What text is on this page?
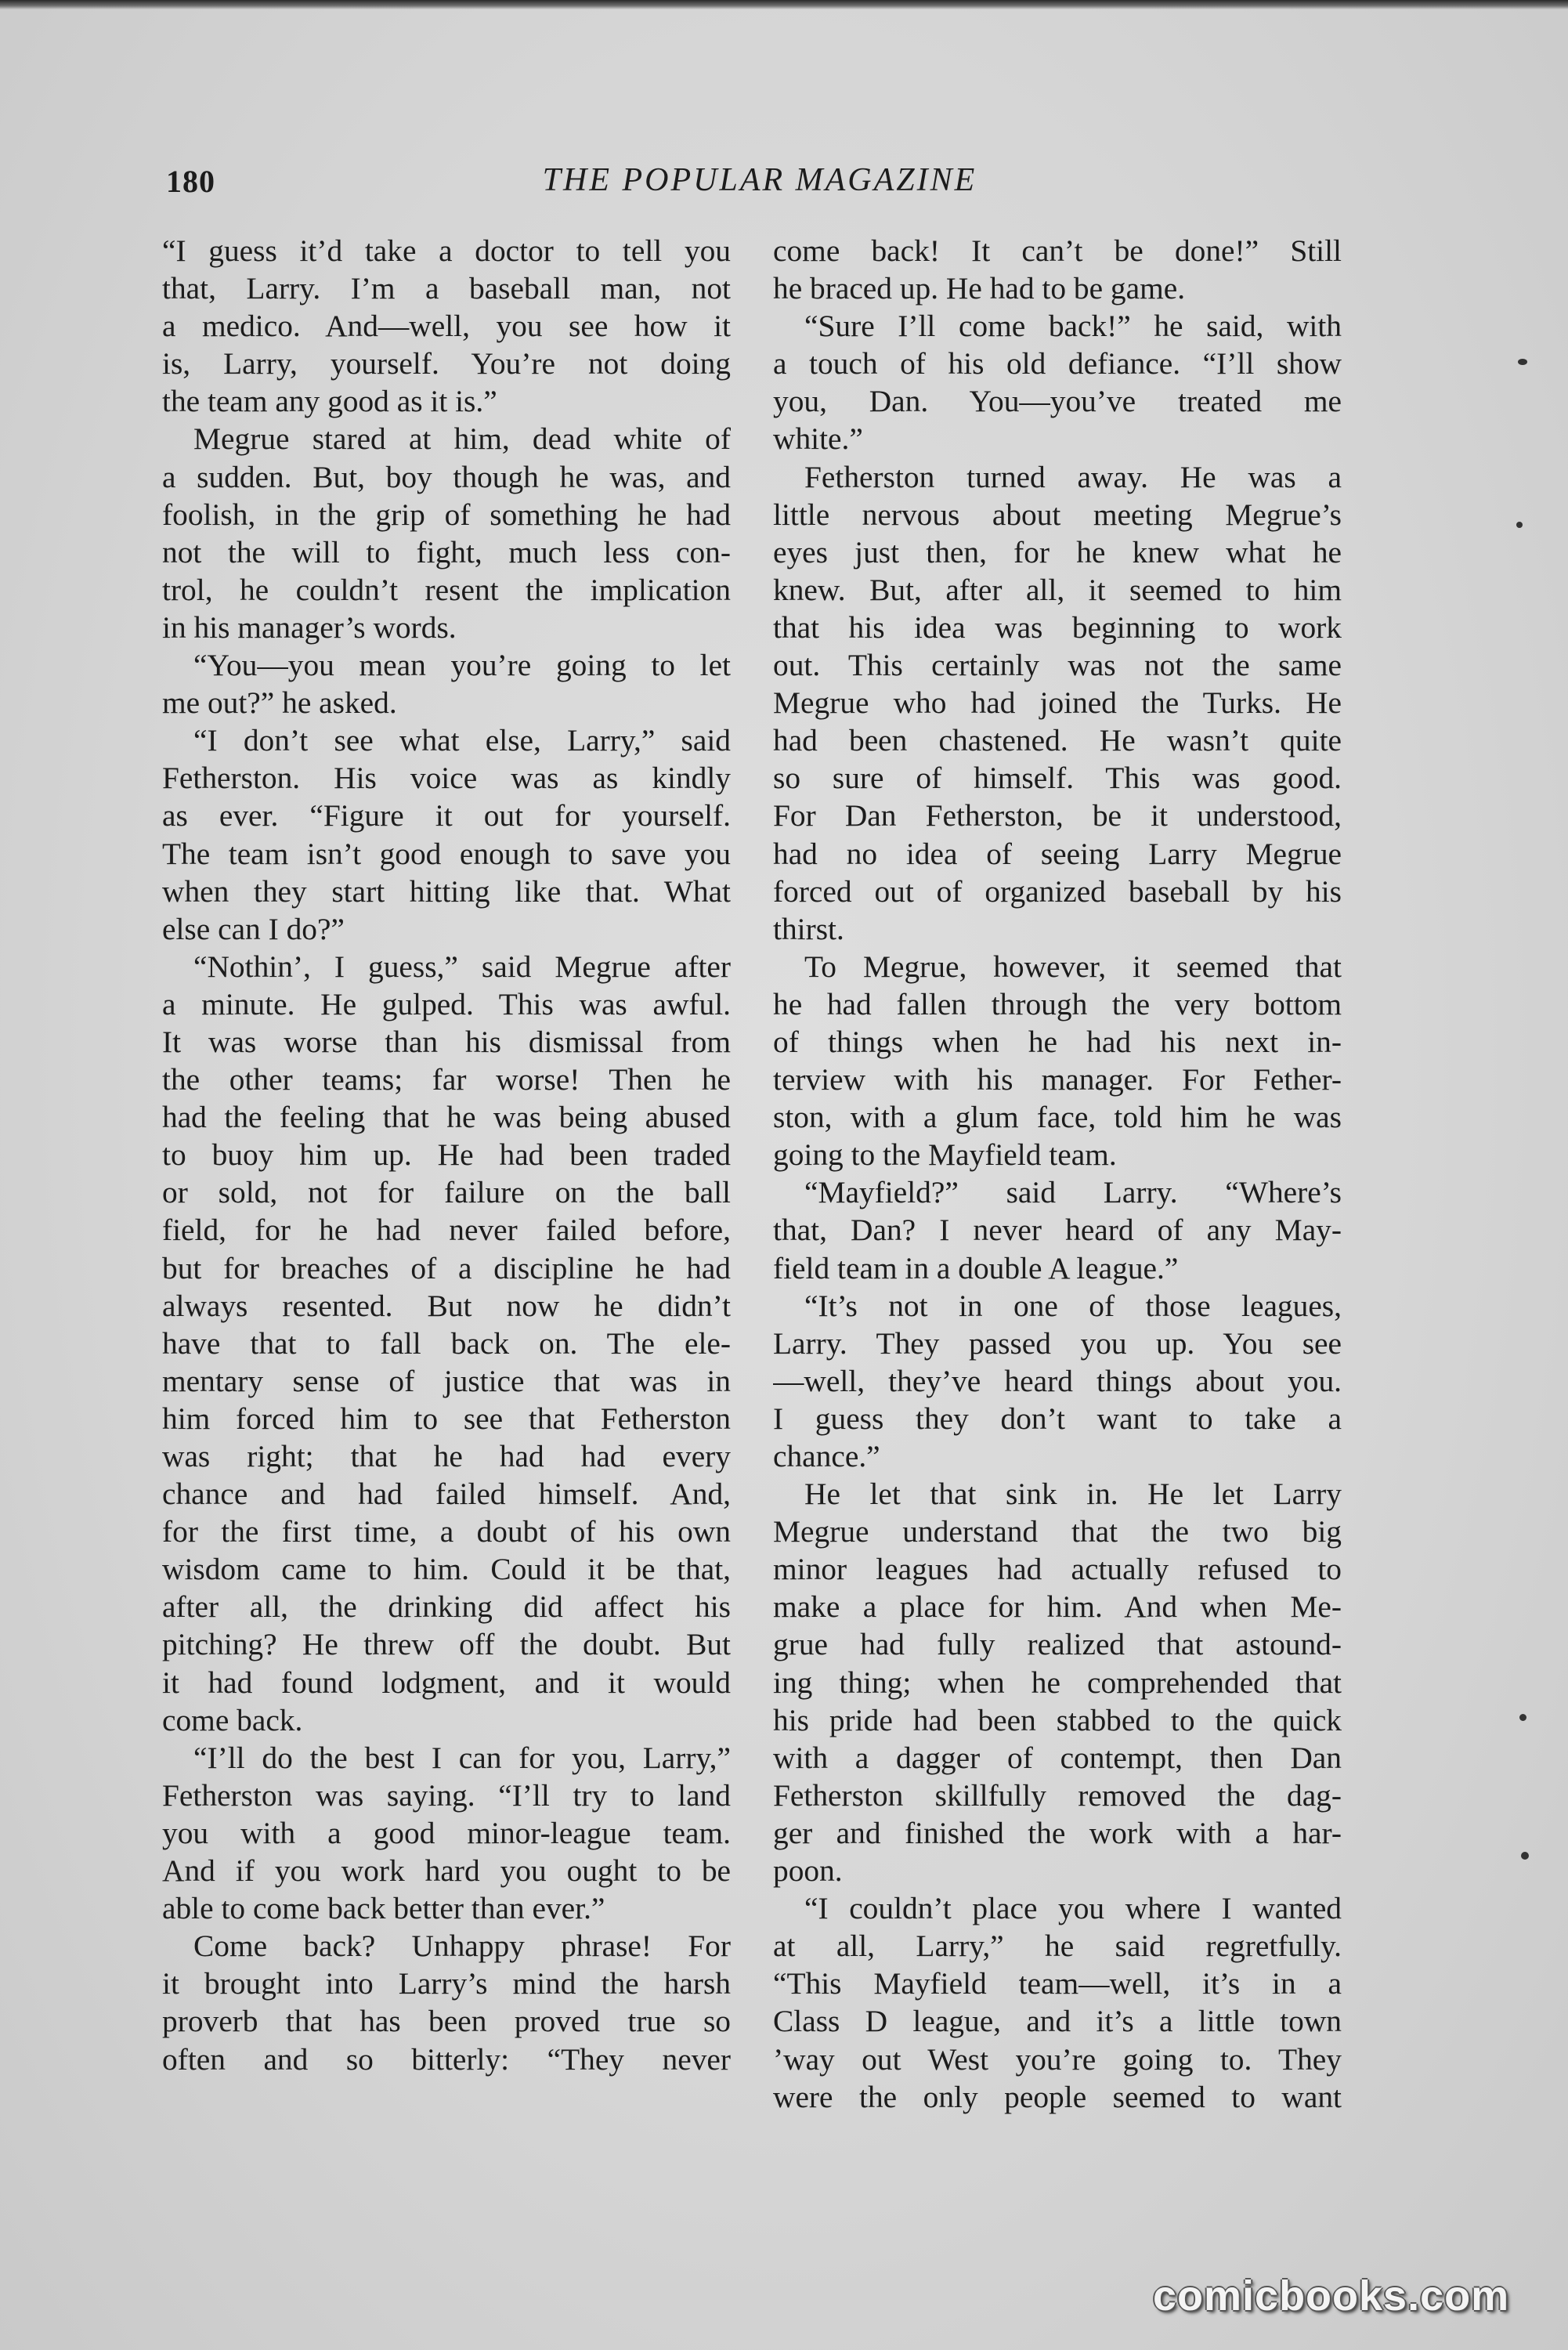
180	THE POPULAR MAGAZINE
“I guess it’d take a doctor to tell you
that, Larry. I’m a baseball man, not
a medico. And—well, you see how it
is, Larry, yourself. You’re not doing
the team any good as it is.”
Megrue stared at him, dead white of
a sudden. But, boy though he was, and
foolish, in the grip of something he had
not the will to fight, much less con-
trol, he couldn’t resent the implication
in his manager’s words.
“You—you mean you’re going to let
me out?” he asked.
“I don’t see what else, Larry,” said
Fetherston. His voice was as kindly
as ever. “Figure it out for yourself.
The team isn’t good enough to save you
when they start hitting like that. What
else can I do?”
“Nothin’, I guess,” said Megrue after
a minute. He gulped. This was awful.
It was worse than his dismissal from
the other teams; far worse! Then he
had the feeling that he was being abused
to buoy him up. He had been traded
or sold, not for failure on the ball
field, for he had never failed before,
but for breaches of a discipline he had
always resented. But now he didn’t
have that to fall back on. The ele-
mentary sense of justice that was in
him forced him to see that Fetherston
was right; that he had had every
chance and had failed himself. And,
for the first time, a doubt of his own
wisdom came to him. Could it be that,
after all, the drinking did affect his
pitching? He threw off the doubt. But
it had found lodgment, and it would
come back.
“I’ll do the best I can for you, Larry,”
Fetherston was saying. “I’ll try to land
you with a good minor-league team.
And if you work hard you ought to be
able to come back better than ever.”
Come back? Unhappy phrase! For
it brought into Larry’s mind the harsh
proverb that has been proved true so
often and so bitterly: “They never
come back! It can’t be done!” Still
he braced up. He had to be game.
“Sure I’ll come back!” he said, with
a touch of his old defiance. “I’ll show
you, Dan. You—you’ve treated me
white.”
Fetherston turned away. He was a
little nervous about meeting Megrue’s
eyes just then, for he knew what he
knew. But, after all, it seemed to him
that his idea was beginning to work
out. This certainly was not the same
Megrue who had joined the Turks. He
had been chastened. He wasn’t quite
so sure of himself. This was good.
For Dan Fetherston, be it understood,
had no idea of seeing Larry Megrue
forced out of organized baseball by his
thirst.
To Megrue, however, it seemed that
he had fallen through the very bottom
of things when he had his next in-
terview with his manager. For Fether-
ston, with a glum face, told him he was
going to the Mayfield team.
“Mayfield?” said Larry. “Where’s
that, Dan? I never heard of any May-
field team in a double A league.”
“It’s not in one of those leagues,
Larry. They passed you up. You see
—well, they’ve heard things about you.
I guess they don’t want to take a
chance.”
He let that sink in. He let Larry
Megrue understand that the two big
minor leagues had actually refused to
make a place for him. And when Me-
grue had fully realized that astound-
ing thing; when he comprehended that
his pride had been stabbed to the quick
with a dagger of contempt, then Dan
Fetherston skillfully removed the dag-
ger and finished the work with a har-
poon.
“I couldn’t place you where I wanted
at all, Larry,” he said regretfully.
“This Mayfield team—well, it’s in a
Class D league, and it’s a little town
’way out West you’re going to. They
were the only people seemed to want
comicbooks.com
